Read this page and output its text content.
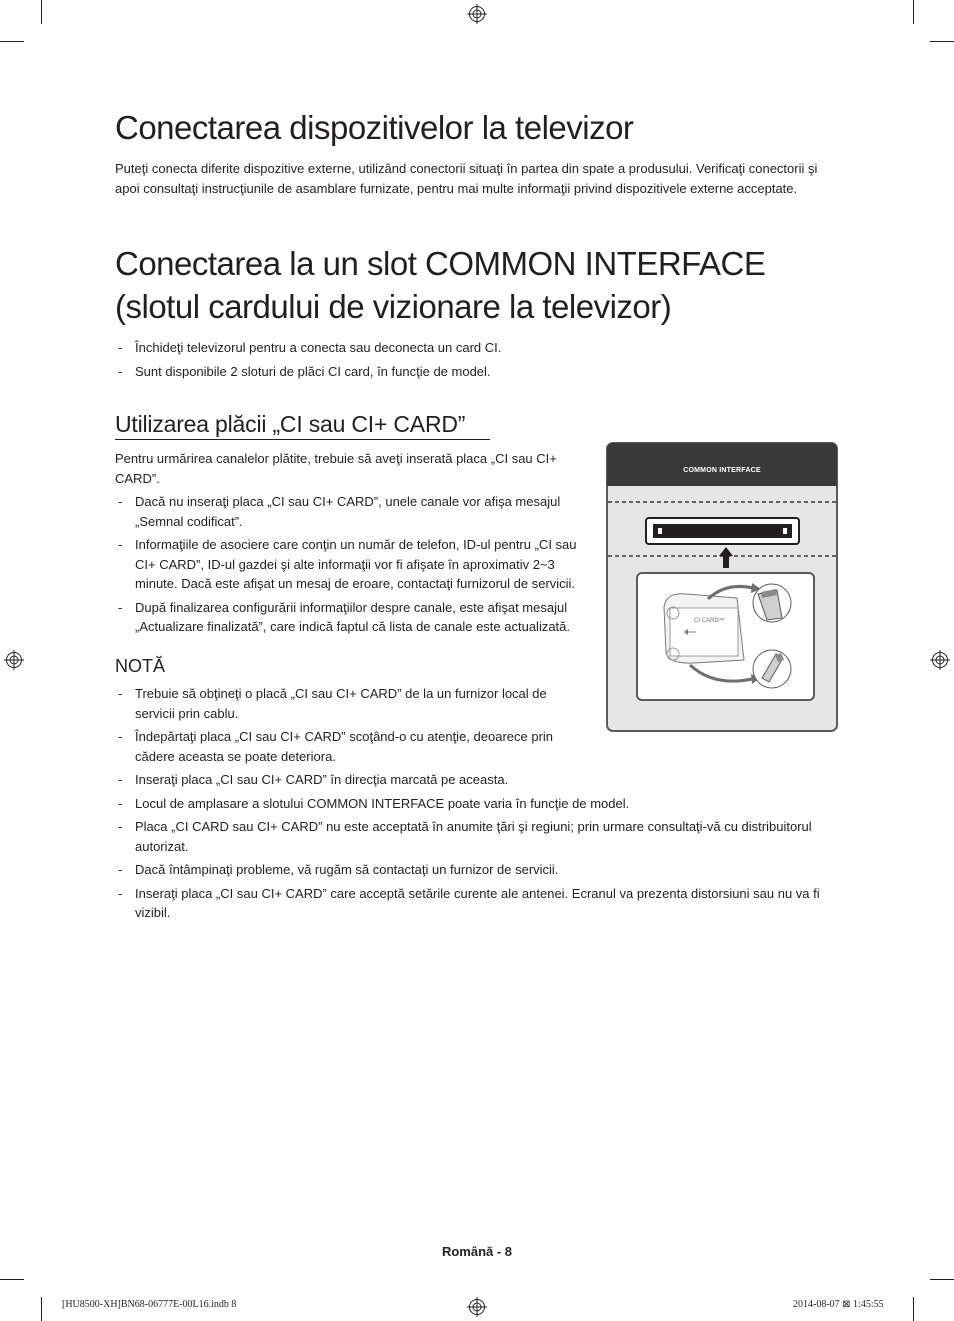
Conectarea dispozitivelor la televizor

Puteţi conecta diferite dispozitive externe, utilizând conectorii situaţi în partea din spate a produsului. Verificaţi conectorii şi apoi consultaţi instrucţiunile de asamblare furnizate, pentru mai multe informaţii privind dispozitivele externe acceptate.

Conectarea la un slot COMMON INTERFACE
(slotul cardului de vizionare la televizor)
- Închideţi televizorul pentru a conecta sau deconecta un card CI.
- Sunt disponibile 2 sloturi de plăci CI card, în funcţie de model.
Utilizarea plăcii „CI sau CI+ CARD”

Pentru urmărirea canalelor plătite, trebuie să aveţi inserată placa „CI sau CI+ CARD”.

- Dacă nu inseraţi placa „CI sau CI+ CARD”, unele canale vor afişa mesajul „Semnal codificat”.
- Informaţiile de asociere care conţin un număr de telefon, ID-ul pentru „CI sau CI+ CARD”, ID-ul gazdei şi alte informaţii vor fi afişate în aproximativ 2~3 minute. Dacă este afişat un mesaj de eroare, contactaţi furnizorul de servicii.
- După finalizarea configurării informaţiilor despre canale, este afişat mesajul „Actualizare finalizată”, care indică faptul că lista de canale este actualizată.
NOTĂ
- Trebuie să obţineţi o placă „CI sau CI+ CARD” de la un furnizor local de servicii prin cablu.
- Îndepărtaţi placa „CI sau CI+ CARD” scoţând-o cu atenţie, deoarece prin cădere aceasta se poate deteriora.
- Inseraţi placa „CI sau CI+ CARD” în direcţia marcată pe aceasta.
- Locul de amplasare a slotului COMMON INTERFACE poate varia în funcţie de model.
- Placa „CI CARD sau CI+ CARD” nu este acceptată în anumite ţări şi regiuni; prin urmare consultaţi-vă cu distribuitorul autorizat.
- Dacă întâmpinaţi probleme, vă rugăm să contactaţi un furnizor de servicii.
- Inseraţi placa „CI sau CI+ CARD” care acceptă setările curente ale antenei. Ecranul va prezenta distorsiuni sau nu va fi vizibil.
COMMON INTERFACE
CI CARD™
Română - 8
[HU8500-XH]BN68-06777E-00L16.indb 8	2014-08-07 ⊠ 1:45:55
